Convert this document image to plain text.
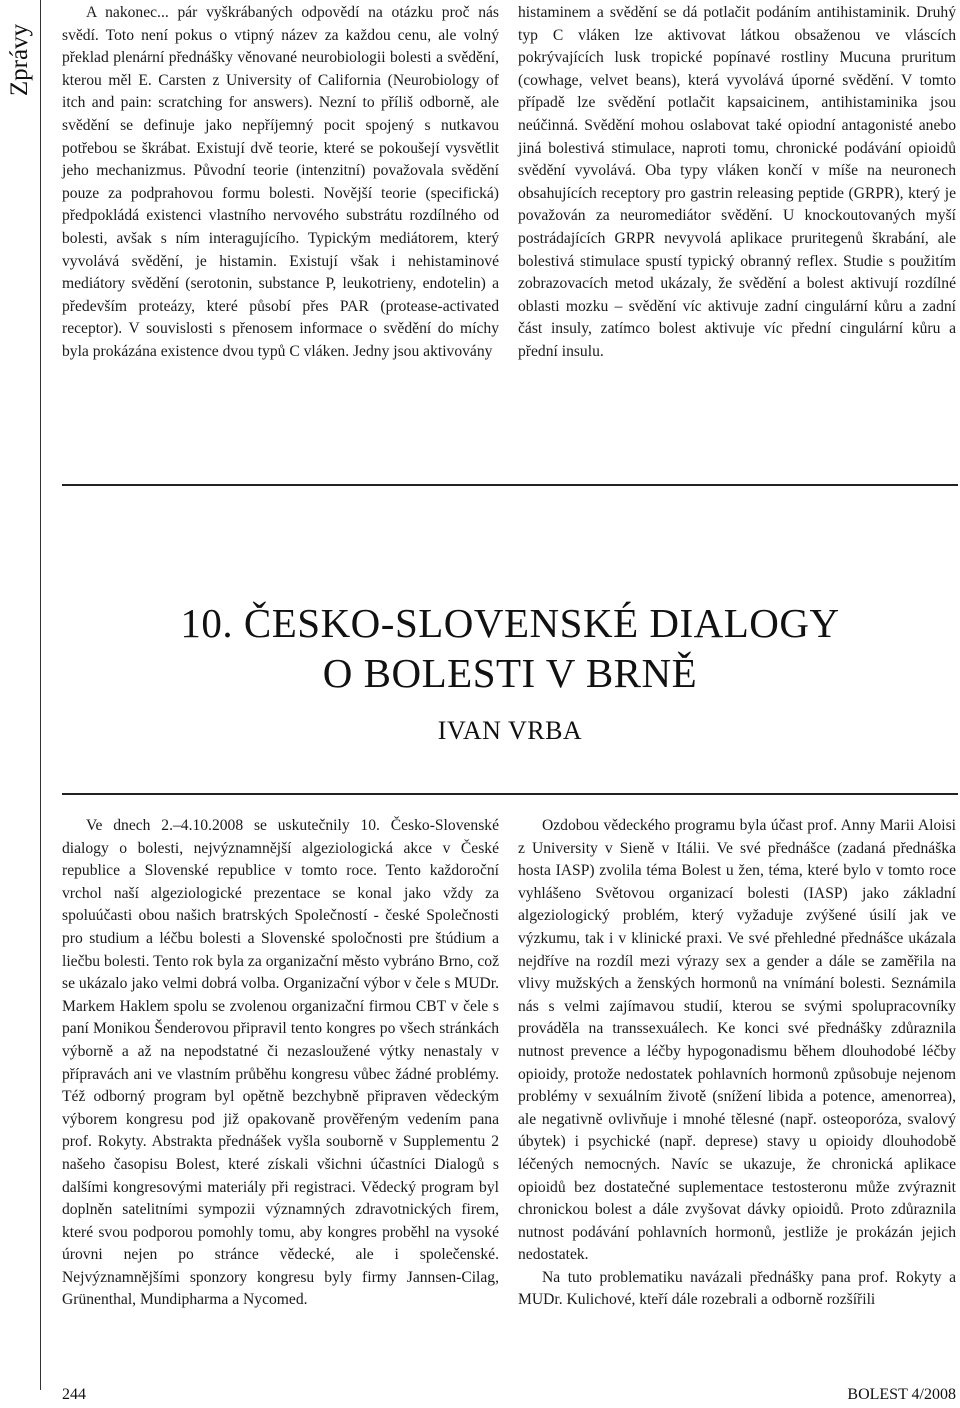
Zprávy

A nakonec... pár vyškrábaných odpovědí na otázku proč nás svědí. Toto není pokus o vtipný název za každou cenu, ale volný překlad plenární přednášky věnované neurobiologii bolesti a svědění, kterou měl E. Carsten z University of California (Neurobiology of itch and pain: scratching for answers). Nezní to příliš odborně, ale svědění se definuje jako nepříjemný pocit spojený s nutkavou potřebou se škrábat. Existují dvě teorie, které se pokoušejí vysvětlit jeho mechanizmus. Původní teorie (intenzitní) považovala svědění pouze za podprahovou formu bolesti. Novější teorie (specifická) předpokládá existenci vlastního nervového substrátu rozdílného od bolesti, avšak s ním interagujícího. Typickým mediátorem, který vyvolává svědění, je histamin. Existují však i nehistaminové mediátory svědění (serotonin, substance P, leukotrieny, endotelin) a především proteázy, které působí přes PAR (protease-activated receptor). V souvislosti s přenosem informace o svědění do míchy byla prokázána existence dvou typů C vláken. Jedny jsou aktivovány

histaminem a svědění se dá potlačit podáním antihistaminik. Druhý typ C vláken lze aktivovat látkou obsaženou ve vláscích pokrývajících lusk tropické popínavé rostliny Mucuna pruritum (cowhage, velvet beans), která vyvolává úporné svědění. V tomto případě lze svědění potlačit kapsaicinem, antihistaminika jsou neúčinná. Svědění mohou oslabovat také opiodní antagonisté anebo jiná bolestivá stimulace, naproti tomu, chronické podávání opioidů svědění vyvolává. Oba typy vláken končí v míše na neuronech obsahujících receptory pro gastrin releasing peptide (GRPR), který je považován za neuromediátor svědění. U knockoutovaných myší postrádajících GRPR nevyvolá aplikace pruritegenů škrabání, ale bolestivá stimulace spustí typický obranný reflex. Studie s použitím zobrazovacích metod ukázaly, že svědění a bolest aktivují rozdílné oblasti mozku – svědění víc aktivuje zadní cingulární kůru a zadní část insuly, zatímco bolest aktivuje víc přední cingulární kůru a přední insulu.

10. ČESKO-SLOVENSKÉ DIALOGY
O BOLESTI V BRNĚ
IVAN VRBA

Ve dnech 2.–4.10.2008 se uskutečnily 10. Česko-Slovenské dialogy o bolesti, nejvýznamnější algeziologická akce v České republice a Slovenské republice v tomto roce. Tento každoroční vrchol naší algeziologické prezentace se konal jako vždy za spoluúčasti obou našich bratrských Společností - české Společnosti pro studium a léčbu bolesti a Slovenské spoločnosti pre štúdium a liečbu bolesti. Tento rok byla za organizační město vybráno Brno, což se ukázalo jako velmi dobrá volba. Organizační výbor v čele s MUDr. Markem Haklem spolu se zvolenou organizační firmou CBT v čele s paní Monikou Šenderovou připravil tento kongres po všech stránkách výborně a až na nepodstatné či nezasloužené výtky nenastaly v přípravách ani ve vlastním průběhu kongresu vůbec žádné problémy. Též odborný program byl opětně bezchybně připraven vědeckým výborem kongresu pod již opakovaně prověřeným vedením pana prof. Rokyty. Abstrakta přednášek vyšla souborně v Supplementu 2 našeho časopisu Bolest, které získali všichni účastníci Dialogů s dalšími kongresovými materiály při registraci. Vědecký program byl doplněn satelitními sympozii významných zdravotnických firem, které svou podporou pomohly tomu, aby kongres proběhl na vysoké úrovni nejen po stránce vědecké, ale i společenské. Nejvýznamnějšími sponzory kongresu byly firmy Jannsen-Cilag, Grünenthal, Mundipharma a Nycomed.

Ozdobou vědeckého programu byla účast prof. Anny Marii Aloisi z University v Sieně v Itálii. Ve své přednášce (zadaná přednáška hosta IASP) zvolila téma Bolest u žen, téma, které bylo v tomto roce vyhlášeno Světovou organizací bolesti (IASP) jako základní algeziologický problém, který vyžaduje zvýšené úsilí jak ve výzkumu, tak i v klinické praxi. Ve své přehledné přednášce ukázala nejdříve na rozdíl mezi výrazy sex a gender a dále se zaměřila na vlivy mužských a ženských hormonů na vnímání bolesti. Seznámila nás s velmi zajímavou studií, kterou se svými spolupracovníky prováděla na transsexuálech. Ke konci své přednášky zdůraznila nutnost prevence a léčby hypogonadismu během dlouhodobé léčby opioidy, protože nedostatek pohlavních hormonů způsobuje nejenom problémy v sexuálním životě (snížení libida a potence, amenorrea), ale negativně ovlivňuje i mnohé tělesné (např. osteoporóza, svalový úbytek) i psychické (např. deprese) stavy u opioidy dlouhodobě léčených nemocných. Navíc se ukazuje, že chronická aplikace opioidů bez dostatečné suplementace testosteronu může zvýraznit chronickou bolest a dále zvyšovat dávky opioidů. Proto zdůraznila nutnost podávání pohlavních hormonů, jestliže je prokázán jejich nedostatek.

Na tuto problematiku navázali přednášky pana prof. Rokyty a MUDr. Kulichové, kteří dále rozebrali a odborně rozšířili

244	BOLEST 4/2008
